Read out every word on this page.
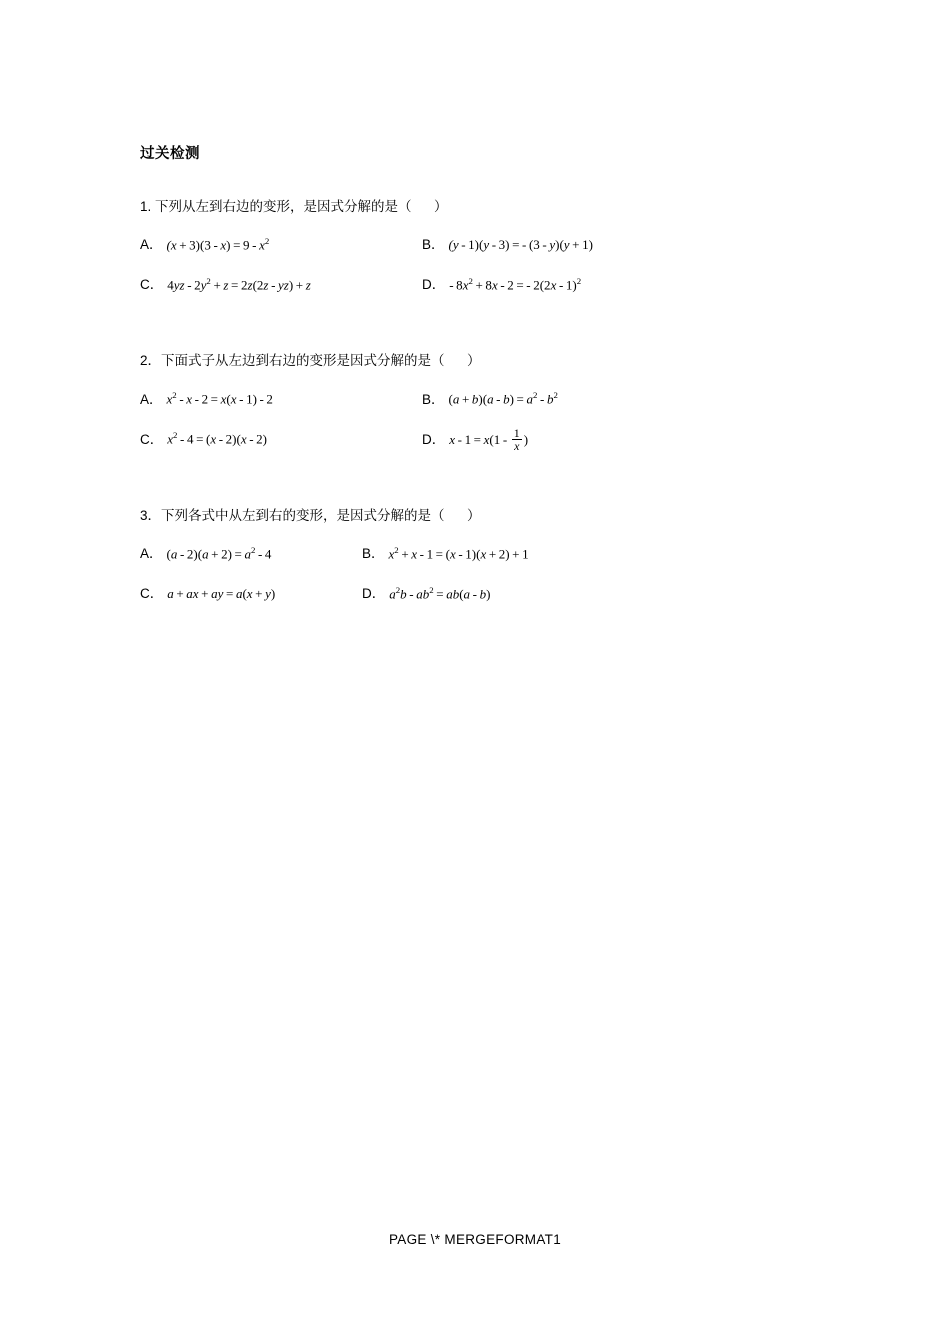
过关检测
1. 下列从左到右边的变形，是因式分解的是（      ）
A． $(x + 3)(3 - x) = 9 - x^2$	B． (y - 1)(y - 3) = - (3 - y)(y + 1)
C． $4yz - 2y^2 + z = 2z(2z - yz) + z$	D． - $8x^2 + 8x - 2$ = - 2(2x - 1)$^2$
2．下面式子从左边到右边的变形是因式分解的是（      ）
A． $x^2 - x - 2 = x(x - 1) - 2$	B． $(a + b)(a - b) = a^2 - b^2$
C． $x^2 - 4 = (x - 2)(x - 2)$	D． $x - 1 = x(1 - \frac{1}{x}$ )
3．下列各式中从左到右的变形，是因式分解的是（      ）
A． $(a - 2)(a + 2) = a^2 - 4$	B． $x^2 + x - 1 = (x - 1)(x + 2) + 1$
C． a + ax + ay = a(x + y)	D． $a^2b - ab^2 = ab(a - b)$
PAGE \* MERGEFORMAT1
